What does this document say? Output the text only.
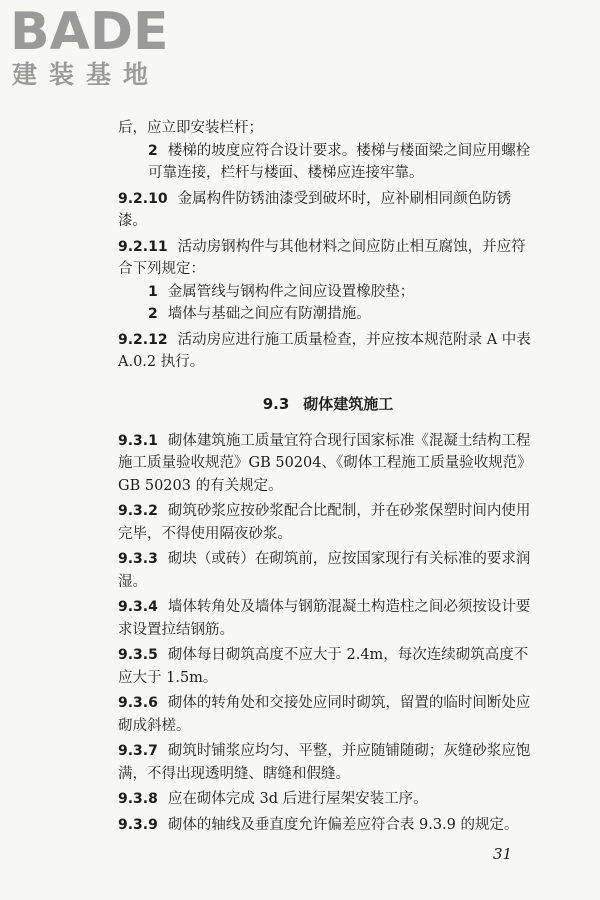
BADE
建装基地

后，应立即安装栏杆；

2 楼梯的坡度应符合设计要求。楼梯与楼面梁之间应用螺栓可靠连接，栏杆与楼面、楼梯应连接牢靠。

9.2.10 金属构件防锈油漆受到破坏时，应补刷相同颜色防锈漆。

9.2.11 活动房钢构件与其他材料之间应防止相互腐蚀，并应符合下列规定：

1 金属管线与钢构件之间应设置橡胶垫；

2 墙体与基础之间应有防潮措施。

9.2.12 活动房应进行施工质量检查，并应按本规范附录 A 中表 A.0.2 执行。

9.3 砌体建筑施工

9.3.1 砌体建筑施工质量宜符合现行国家标准《混凝土结构工程施工质量验收规范》GB 50204、《砌体工程施工质量验收规范》GB 50203 的有关规定。

9.3.2 砌筑砂浆应按砂浆配合比配制，并在砂浆保塑时间内使用完毕，不得使用隔夜砂浆。

9.3.3 砌块（或砖）在砌筑前，应按国家现行有关标准的要求润湿。

9.3.4 墙体转角处及墙体与钢筋混凝土构造柱之间必须按设计要求设置拉结钢筋。

9.3.5 砌体每日砌筑高度不应大于 2.4m，每次连续砌筑高度不应大于 1.5m。

9.3.6 砌体的转角处和交接处应同时砌筑，留置的临时间断处应砌成斜槎。

9.3.7 砌筑时铺浆应均匀、平整，并应随铺随砌；灰缝砂浆应饱满，不得出现透明缝、瞎缝和假缝。

9.3.8 应在砌体完成 3d 后进行屋架安装工序。

9.3.9 砌体的轴线及垂直度允许偏差应符合表 9.3.9 的规定。

31
